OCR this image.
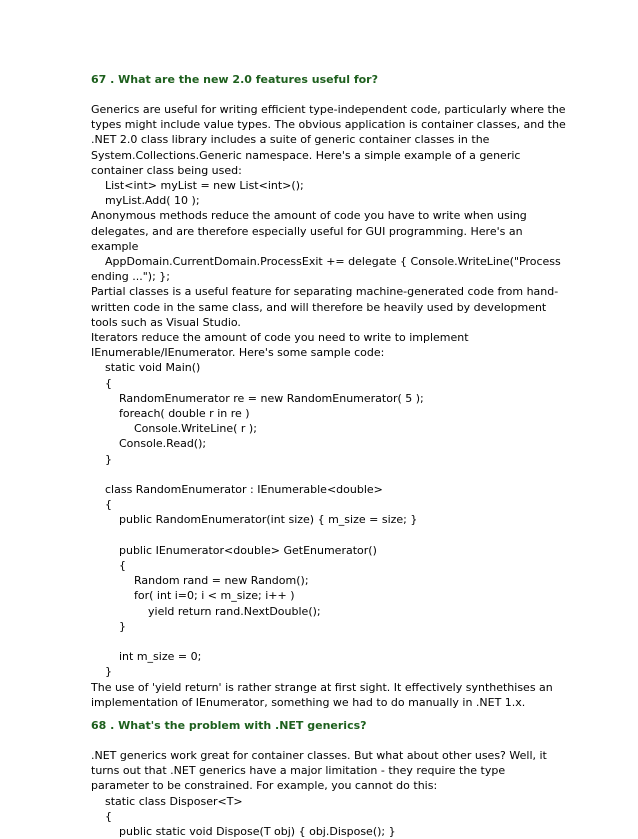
67 . What are the new 2.0 features useful for?
Generics are useful for writing efficient type-independent code, particularly where the
types might include value types. The obvious application is container classes, and the
.NET 2.0 class library includes a suite of generic container classes in the
System.Collections.Generic namespace. Here's a simple example of a generic
container class being used:
List<int> myList = new List<int>();
myList.Add( 10 );
Anonymous methods reduce the amount of code you have to write when using
delegates, and are therefore especially useful for GUI programming. Here's an
example
AppDomain.CurrentDomain.ProcessExit += delegate { Console.WriteLine("Process
ending ..."); };
Partial classes is a useful feature for separating machine-generated code from hand-
written code in the same class, and will therefore be heavily used by development
tools such as Visual Studio.
Iterators reduce the amount of code you need to write to implement
IEnumerable/IEnumerator. Here's some sample code:
static void Main()
{
RandomEnumerator re = new RandomEnumerator( 5 );
foreach( double r in re )
Console.WriteLine( r );
Console.Read();
}
class RandomEnumerator : IEnumerable<double>
{
public RandomEnumerator(int size) { m_size = size; }
public IEnumerator<double> GetEnumerator()
{
Random rand = new Random();
for( int i=0; i < m_size; i++ )
yield return rand.NextDouble();
}
int m_size = 0;
}
The use of 'yield return' is rather strange at first sight. It effectively synthethises an
implementation of IEnumerator, something we had to do manually in .NET 1.x.
68 . What's the problem with .NET generics?
.NET generics work great for container classes. But what about other uses? Well, it
turns out that .NET generics have a major limitation - they require the type
parameter to be constrained. For example, you cannot do this:
static class Disposer<T>
{
public static void Dispose(T obj) { obj.Dispose(); }
